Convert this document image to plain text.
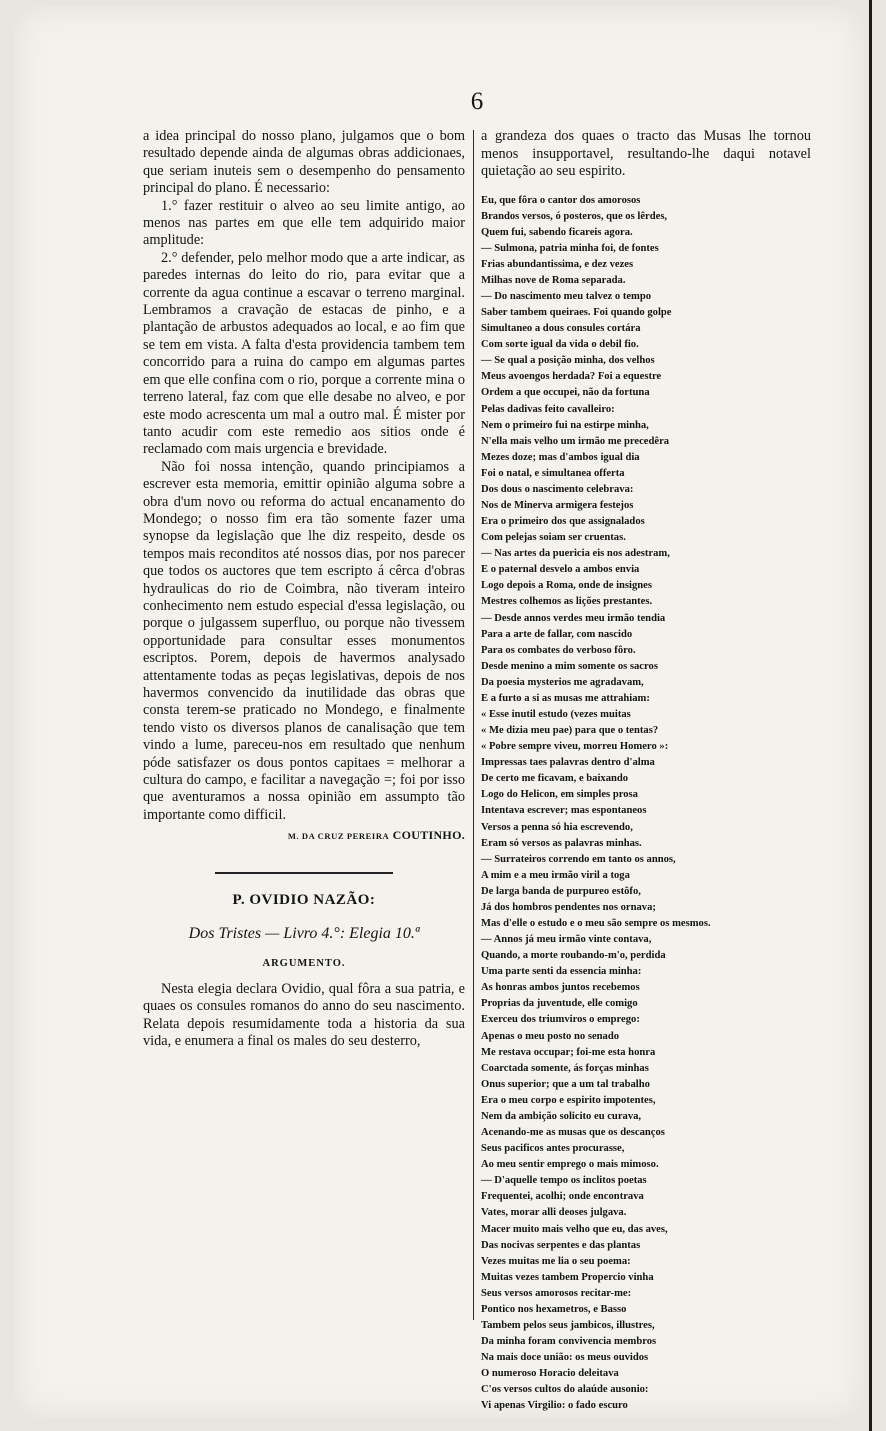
6

a idea principal do nosso plano, julgamos que o bom resultado depende ainda de algumas obras addicionaes, que seriam inuteis sem o desempenho do pensamento principal do plano. É necessario:

1.° fazer restituir o alveo ao seu limite antigo, ao menos nas partes em que elle tem adquirido maior amplitude:

2.° defender, pelo melhor modo que a arte indicar, as paredes internas do leito do rio, para evitar que a corrente da agua continue a escavar o terreno marginal. Lembramos a cravação de estacas de pinho, e a plantação de arbustos adequados ao local, e ao fim que se tem em vista. A falta d'esta providencia tambem tem concorrido para a ruina do campo em algumas partes em que elle confina com o rio, porque a corrente mina o terreno lateral, faz com que elle desabe no alveo, e por este modo acrescenta um mal a outro mal. É mister por tanto acudir com este remedio aos sitios onde é reclamado com mais urgencia e brevidade.

Não foi nossa intenção, quando principiamos a escrever esta memoria, emittir opinião alguma sobre a obra d'um novo ou reforma do actual encanamento do Mondego; o nosso fim era tão somente fazer uma synopse da legislação que lhe diz respeito, desde os tempos mais reconditos até nossos dias, por nos parecer que todos os auctores que tem escripto á cêrca d'obras hydraulicas do rio de Coimbra, não tiveram inteiro conhecimento nem estudo especial d'essa legislação, ou porque o julgassem superfluo, ou porque não tivessem opportunidade para consultar esses monumentos escriptos. Porem, depois de havermos analysado attentamente todas as peças legislativas, depois de nos havermos convencido da inutilidade das obras que consta terem-se praticado no Mondego, e finalmente tendo visto os diversos planos de canalisação que tem vindo a lume, pareceu-nos em resultado que nenhum póde satisfazer os dous pontos capitaes = melhorar a cultura do campo, e facilitar a navegação =; foi por isso que aventuramos a nossa opinião em assumpto tão importante como difficil.

M. DA CRUZ PEREIRA COUTINHO.
P. OVIDIO NAZÃO:
Dos Tristes — Livro 4.°: Elegia 10.ª
ARGUMENTO.

Nesta elegia declara Ovidio, qual fôra a sua patria, e quaes os consules romanos do anno do seu nascimento. Relata depois resumidamente toda a historia da sua vida, e enumera a final os males do seu desterro,

a grandeza dos quaes o tracto das Musas lhe tornou menos insupportavel, resultando-lhe daqui notavel quietação ao seu espirito.

Eu, que fôra o cantor dos amorosos
Brandos versos, ó posteros, que os lêrdes,
Quem fui, sabendo ficareis agora.
— Sulmona, patria minha foi, de fontes
Frias abundantissima, e dez vezes
Milhas nove de Roma separada.
— Do nascimento meu talvez o tempo
Saber tambem queiraes. Foi quando golpe
Simultaneo a dous consules cortára
Com sorte igual da vida o debil fio.
— Se qual a posição minha, dos velhos
Meus avoengos herdada? Foi a equestre
Ordem a que occupei, não da fortuna
Pelas dadivas feito cavalleiro:
Nem o primeiro fui na estirpe minha,
N'ella mais velho um irmão me precedêra
Mezes doze; mas d'ambos igual dia
Foi o natal, e simultanea offerta
Dos dous o nascimento celebrava:
Nos de Minerva armigera festejos
Era o primeiro dos que assignalados
Com pelejas soiam ser cruentas.
— Nas artes da puericia eis nos adestram,
E o paternal desvelo a ambos envia
Logo depois a Roma, onde de insignes
Mestres colhemos as lições prestantes.
— Desde annos verdes meu irmão tendia
Para a arte de fallar, com nascido
Para os combates do verboso fôro.
Desde menino a mim somente os sacros
Da poesia mysterios me agradavam,
E a furto a si as musas me attrahiam:
« Esse inutil estudo (vezes muitas
« Me dizia meu pae) para que o tentas?
« Pobre sempre viveu, morreu Homero »:
Impressas taes palavras dentro d'alma
De certo me ficavam, e baixando
Logo do Helicon, em simples prosa
Intentava escrever; mas espontaneos
Versos a penna só hia escrevendo,
Eram só versos as palavras minhas.
— Surrateiros correndo em tanto os annos,
A mim e a meu irmão viril a toga
De larga banda de purpureo estôfo,
Já dos hombros pendentes nos ornava;
Mas d'elle o estudo e o meu são sempre os mesmos.
— Annos já meu irmão vinte contava,
Quando, a morte roubando-m'o, perdida
Uma parte senti da essencia minha:
As honras ambos juntos recebemos
Proprias da juventude, elle comigo
Exerceu dos triumviros o emprego:
Apenas o meu posto no senado
Me restava occupar; foi-me esta honra
Coarctada somente, ás forças minhas
Onus superior; que a um tal trabalho
Era o meu corpo e espirito impotentes,
Nem da ambição solicito eu curava,
Acenando-me as musas que os descanços
Seus pacificos antes procurasse,
Ao meu sentir emprego o mais mimoso.
— D'aquelle tempo os inclitos poetas
Frequentei, acolhi; onde encontrava
Vates, morar alli deoses julgava.
Macer muito mais velho que eu, das aves,
Das nocivas serpentes e das plantas
Vezes muitas me lia o seu poema:
Muitas vezes tambem Propercio vinha
Seus versos amorosos recitar-me:
Pontico nos hexametros, e Basso
Tambem pelos seus jambicos, illustres,
Da minha foram convivencia membros
Na mais doce união: os meus ouvidos
O numeroso Horacio deleitava
C'os versos cultos do alaúde ausonio:
Vi apenas Virgilio: o fado escuro
